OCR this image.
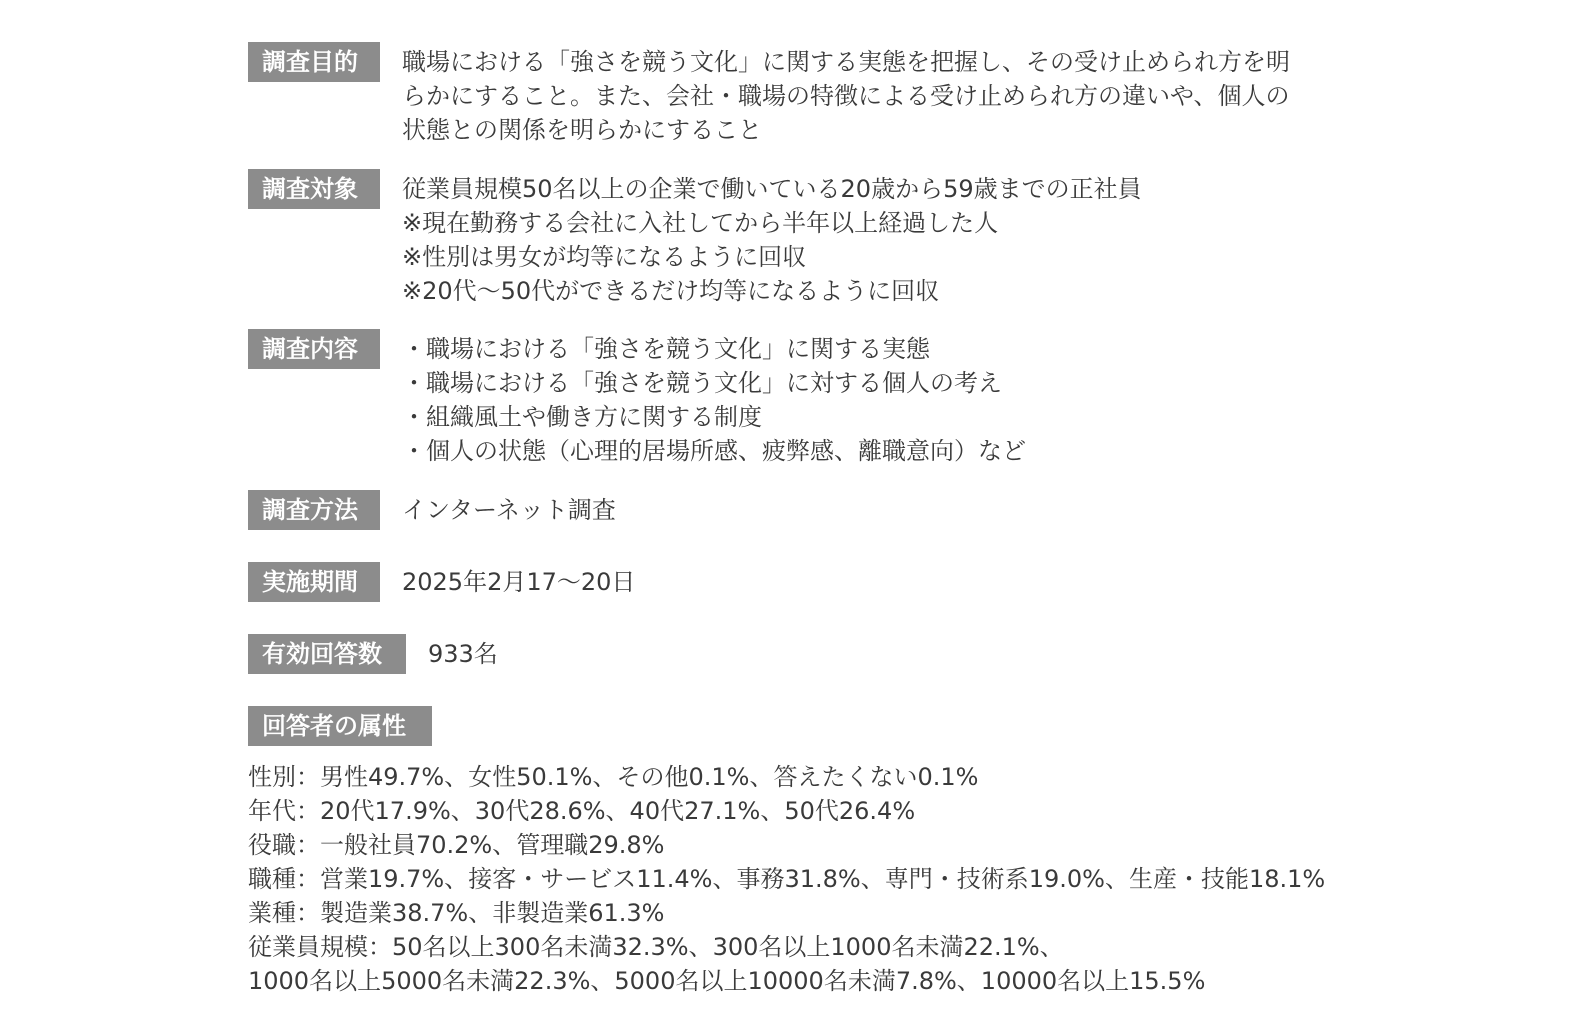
調査目的	職場における「強さを競う文化」に関する実態を把握し、その受け止められ方を明
らかにすること。また、会社・職場の特徴による受け止められ方の違いや、個人の
状態との関係を明らかにすること
調査対象	従業員規模50名以上の企業で働いている20歳から59歳までの正社員
※現在勤務する会社に入社してから半年以上経過した人
※性別は男女が均等になるように回収
※20代～50代ができるだけ均等になるように回収
調査内容	・職場における「強さを競う文化」に関する実態
・職場における「強さを競う文化」に対する個人の考え
・組織風土や働き方に関する制度
・個人の状態（心理的居場所感、疲弊感、離職意向）など
調査方法	インターネット調査
実施期間	2025年2月17～20日
有効回答数	933名
回答者の属性
性別：男性49.7%、女性50.1%、その他0.1%、答えたくない0.1%
年代：20代17.9%、30代28.6%、40代27.1%、50代26.4%
役職：一般社員70.2%、管理職29.8%
職種：営業19.7%、接客・サービス11.4%、事務31.8%、専門・技術系19.0%、生産・技能18.1%
業種：製造業38.7%、非製造業61.3%
従業員規模：50名以上300名未満32.3%、300名以上1000名未満22.1%、
1000名以上5000名未満22.3%、5000名以上10000名未満7.8%、10000名以上15.5%
